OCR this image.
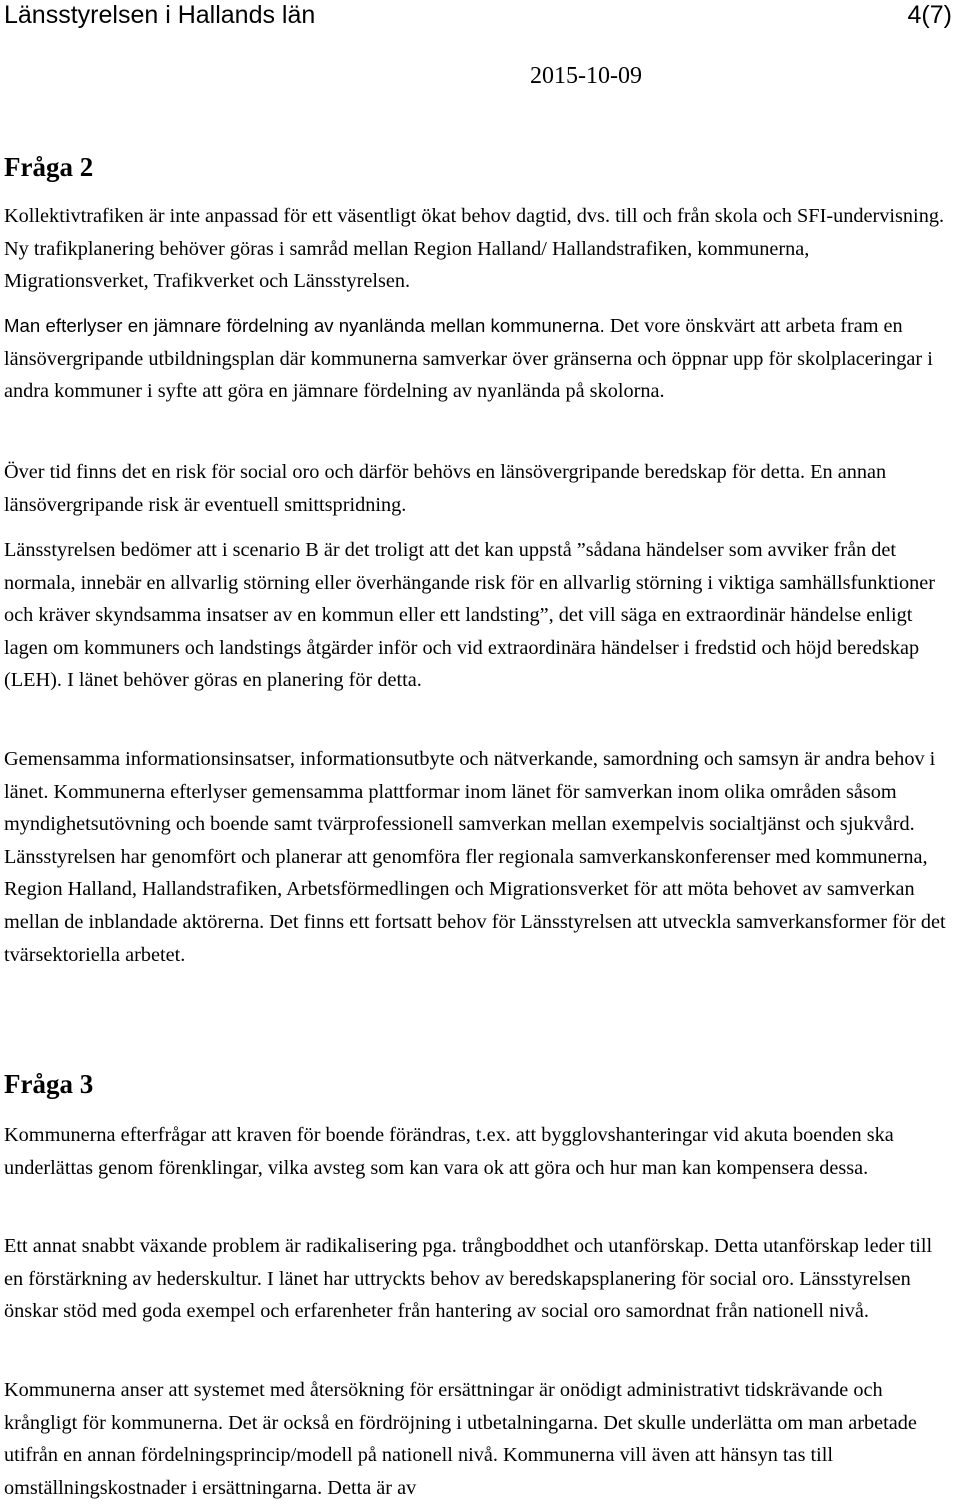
Länsstyrelsen i Hallands län	4(7)
2015-10-09
Fråga 2

Kollektivtrafiken är inte anpassad för ett väsentligt ökat behov dagtid, dvs. till och från skola och SFI-undervisning. Ny trafikplanering behöver göras i samråd mellan Region Halland/ Hallandstrafiken, kommunerna, Migrationsverket, Trafikverket och Länsstyrelsen.

Man efterlyser en jämnare fördelning av nyanlända mellan kommunerna. Det vore önskvärt att arbeta fram en länsövergripande utbildningsplan där kommunerna samverkar över gränserna och öppnar upp för skolplaceringar i andra kommuner i syfte att göra en jämnare fördelning av nyanlända på skolorna.

Över tid finns det en risk för social oro och därför behövs en länsövergripande beredskap för detta. En annan länsövergripande risk är eventuell smittspridning.

Länsstyrelsen bedömer att i scenario B är det troligt att det kan uppstå ”sådana händelser som avviker från det normala, innebär en allvarlig störning eller överhängande risk för en allvarlig störning i viktiga samhällsfunktioner och kräver skyndsamma insatser av en kommun eller ett landsting”, det vill säga en extraordinär händelse enligt lagen om kommuners och landstings åtgärder inför och vid extraordinära händelser i fredstid och höjd beredskap (LEH). I länet behöver göras en planering för detta.

Gemensamma informationsinsatser, informationsutbyte och nätverkande, samordning och samsyn är andra behov i länet. Kommunerna efterlyser gemensamma plattformar inom länet för samverkan inom olika områden såsom myndighetsutövning och boende samt tvärprofessionell samverkan mellan exempelvis socialtjänst och sjukvård. Länsstyrelsen har genomfört och planerar att genomföra fler regionala samverkanskonferenser med kommunerna, Region Halland, Hallandstrafiken, Arbetsförmedlingen och Migrationsverket för att möta behovet av samverkan mellan de inblandade aktörerna. Det finns ett fortsatt behov för Länsstyrelsen att utveckla samverkansformer för det tvärsektoriella arbetet.

Fråga 3

Kommunerna efterfrågar att kraven för boende förändras, t.ex. att bygglovshanteringar vid akuta boenden ska underlättas genom förenklingar, vilka avsteg som kan vara ok att göra och hur man kan kompensera dessa.

Ett annat snabbt växande problem är radikalisering pga. trångboddhet och utanförskap. Detta utanförskap leder till en förstärkning av hederskultur. I länet har uttryckts behov av beredskapsplanering för social oro. Länsstyrelsen önskar stöd med goda exempel och erfarenheter från hantering av social oro samordnat från nationell nivå.

Kommunerna anser att systemet med återsökning för ersättningar är onödigt administrativt tidskrävande och krångligt för kommunerna. Det är också en fördröjning i utbetalningarna. Det skulle underlätta om man arbetade utifrån en annan fördelningsprincip/modell på nationell nivå. Kommunerna vill även att hänsyn tas till omställningskostnader i ersättningarna. Detta är av
